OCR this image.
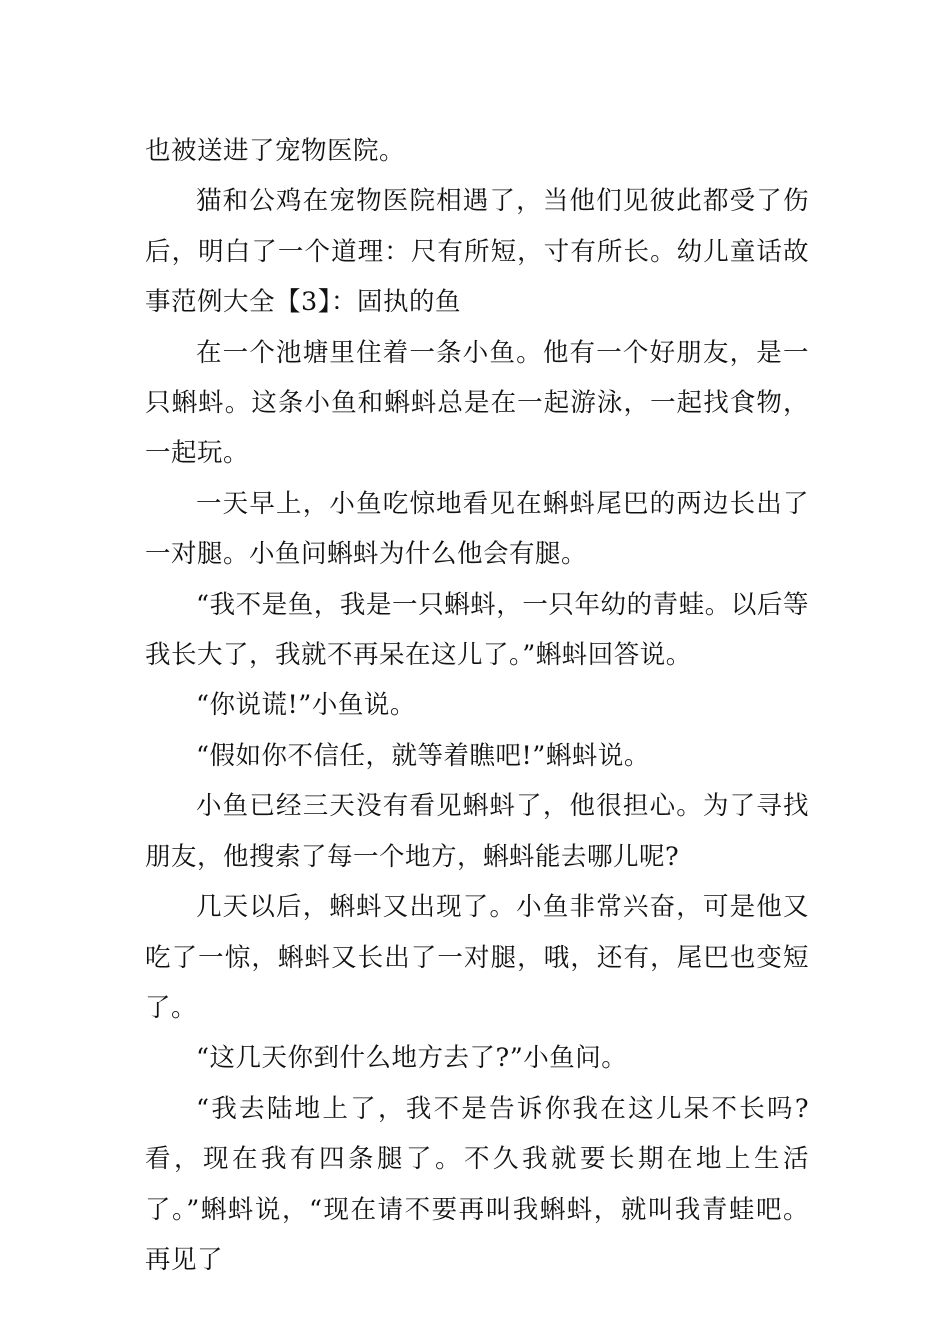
也被送进了宠物医院。

猫和公鸡在宠物医院相遇了，当他们见彼此都受了伤后，明白了一个道理：尺有所短，寸有所长。幼儿童话故事范例大全【3】：固执的鱼

在一个池塘里住着一条小鱼。他有一个好朋友，是一只蝌蚪。这条小鱼和蝌蚪总是在一起游泳，一起找食物，一起玩。

一天早上，小鱼吃惊地看见在蝌蚪尾巴的两边长出了一对腿。小鱼问蝌蚪为什么他会有腿。

“我不是鱼，我是一只蝌蚪，一只年幼的青蛙。以后等我长大了，我就不再呆在这儿了。”蝌蚪回答说。

“你说谎!”小鱼说。

“假如你不信任，就等着瞧吧!”蝌蚪说。

小鱼已经三天没有看见蝌蚪了，他很担心。为了寻找朋友，他搜索了每一个地方，蝌蚪能去哪儿呢?

几天以后，蝌蚪又出现了。小鱼非常兴奋，可是他又吃了一惊，蝌蚪又长出了一对腿，哦，还有，尾巴也变短了。

“这几天你到什么地方去了?”小鱼问。

“我去陆地上了，我不是告诉你我在这儿呆不长吗?看，现在我有四条腿了。不久我就要长期在地上生活了。”蝌蚪说，“现在请不要再叫我蝌蚪，就叫我青蛙吧。再见了
